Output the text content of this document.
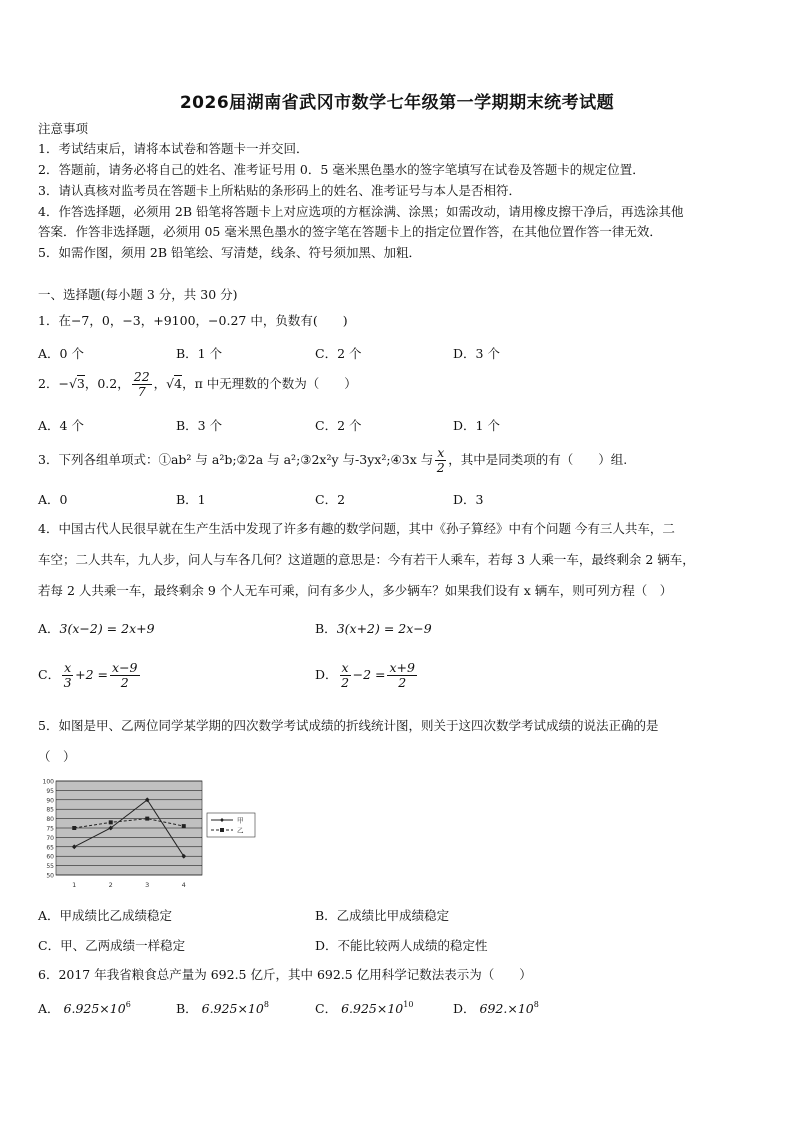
2026届湖南省武冈市数学七年级第一学期期末统考试题
注意事项
1．考试结束后，请将本试卷和答题卡一并交回．
2．答题前，请务必将自己的姓名、准考证号用 0．5 毫米黑色墨水的签字笔填写在试卷及答题卡的规定位置．
3．请认真核对监考员在答题卡上所粘贴的条形码上的姓名、准考证号与本人是否相符．
4．作答选择题，必须用 2B 铅笔将答题卡上对应选项的方框涂满、涂黑；如需改动，请用橡皮擦干净后，再选涂其他
答案．作答非选择题，必须用 05 毫米黑色墨水的签字笔在答题卡上的指定位置作答，在其他位置作答一律无效．
5．如需作图，须用 2B 铅笔绘、写清楚，线条、符号须加黑、加粗．
一、选择题(每小题 3 分，共 30 分)
1．在−7，0，−3，+9100，−0.27 中，负数有(　　)
A．0 个	B．1 个	C．2 个	D．3 个
2．−√3，0.2， $\frac{22}{7}$ ，√4，π 中无理数的个数为（　　）
A．4 个	B．3 个	C．2 个	D．1 个
3．下列各组单项式：①ab² 与 a²b;②2a 与 a²;③2x²y 与-3yx²;④3x 与 $\frac{x}{2}$ ，其中是同类项的有（　　）组.
A．0	B．1	C．2	D．3
4．中国古代人民很早就在生产生活中发现了许多有趣的数学问题，其中《孙子算经》中有个问题 今有三人共车，二
车空；二人共车，九人步，问人与车各几何？这道题的意思是：今有若干人乘车，若每 3 人乘一车，最终剩余 2 辆车，
若每 2 人共乘一车，最终剩余 9 个人无车可乘，问有多少人，多少辆车？如果我们设有 x 辆车，则可列方程（　）
A．3(x−2) = 2x+9	B．3(x+2) = 2x−9
C． $\frac{x}{3} +2 = \frac{x-9}{2}$	D． $\frac{x}{2} -2 = \frac{x+9}{2}$
5．如图是甲、乙两位同学某学期的四次数学考试成绩的折线统计图，则关于这四次数学考试成绩的说法正确的是
（　）
50
55
60
65
70
75
80
85
90
95
100
1	2	3	4
甲
乙
A．甲成绩比乙成绩稳定	B．乙成绩比甲成绩稳定
C．甲、乙两成绩一样稳定	D．不能比较两人成绩的稳定性
6．2017 年我省粮食总产量为 692.5 亿斤，其中 692.5 亿用科学记数法表示为（　　）
A． $6.925\times 10^6$	B． $6.925\times 10^8$	C． $6.925\times 10^{10}$	D． $692.\times 10^8$
